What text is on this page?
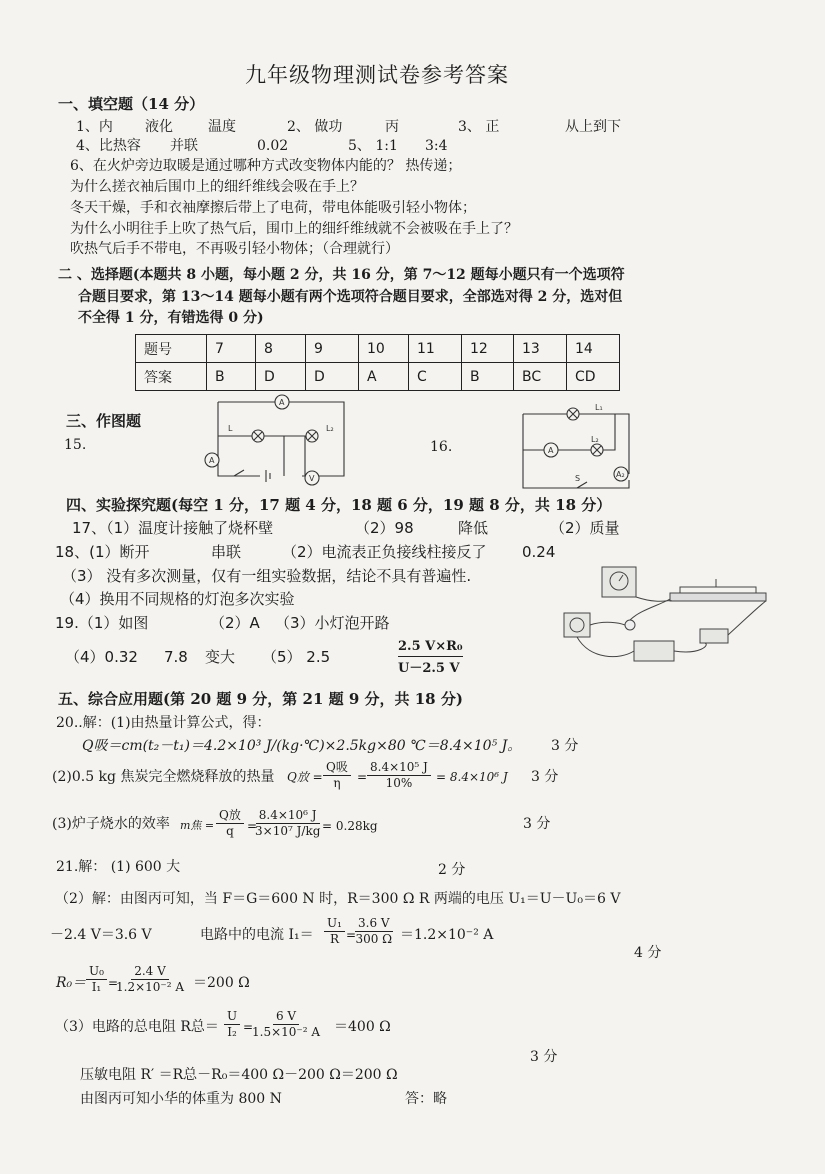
九年级物理测试卷参考答案
一、填空题（14 分）
1、内 液化	温度	2、 做功	丙	3、 正	从上到下
4、比热容 并联	0.02	5、 1:1 3:4
6、在火炉旁边取暖是通过哪种方式改变物体内能的？ 热传递；
为什么搓衣袖后围巾上的细纤维线会吸在手上？
冬天干燥，手和衣袖摩擦后带上了电荷，带电体能吸引轻小物体；
为什么小明往手上吹了热气后，围巾上的细纤维绒就不会被吸在手上了？
吹热气后手不带电，不再吸引轻小物体；（合理就行）
二 、选择题(本题共 8 小题，每小题 2 分，共 16 分，第 7～12 题每小题只有一个选项符
合题目要求，第 13～14 题每小题有两个选项符合题目要求，全部选对得 2 分，选对但
不全得 1 分，有错选得 0 分)
题号	7	8	9	10	11	12	13	14
答案	B	D	D	A	C	B	BC	CD
三、作图题
15.	16.
A
L	L₂
A
V
L₁
L₂
A
A₂
S
四、实验探究题(每空 1 分，17 题 4 分，18 题 6 分，19 题 8 分，共 18 分）
17、（1）温度计接触了烧杯壁	（2）98	降低	（2）质量
18、(1）断开	串联	（2）电流表正负接线柱接反了 0.24
（3） 没有多次测量，仅有一组实验数据，结论不具有普遍性.
（4）换用不同规格的灯泡多次实验
19.（1）如图	（2）A （3）小灯泡开路
（4）0.32 7.8 变大 （5） 2.5
2.5 V×R₀
U－2.5 V
五、综合应用题(第 20 题 9 分，第 21 题 9 分，共 18 分)
20..解：(1)由热量计算公式，得：
Q吸＝cm(t₂－t₁)＝4.2×10³ J/(kg·℃)×2.5kg×80 ℃＝8.4×10⁵ J。 3 分
(2)0.5 kg 焦炭完全燃烧释放的热量 Q放 =
Q吸
$\eta = \frac{\text{8.4×10⁵ J}}{10\%} = 8.4\times 10^6$ J 3 分
(3)炉子烧水的效率 m焦 =
Q放
q =
$\frac{\text{8.4×10⁶ J}}{\text{3×10⁷ J/kg}} = 0.28kg$	3 分
21.解： (1) 600 大	2 分
（2）解：由图丙可知，当 F＝G＝600 N 时，R＝300 Ω R 两端的电压 U₁＝U－U₀＝6 V
－2.4 V＝3.6 V	电路中的电流 $I_1= \frac{\text{U₁}}{R}$ =
$\frac{3.6 V}{300 \Omega} =1.2\times 10^{-2}$ A
4 分
$R_0= \frac{\text{U₀}}{\text{I₁}}$ =
$\frac{2.4 V}{\text{1.2×10⁻² A}} =200$ Ω
（3）电路的总电阻 R总＝ $\frac{U}{\text{I₂}}$ =
$\frac{6 V}{\text{1.5×10⁻² A}} =400$ Ω
3 分
压敏电阻 R′ ＝R总－R₀＝400 Ω－200 Ω＝200 Ω
由图丙可知小华的体重为 800 N	答：略
